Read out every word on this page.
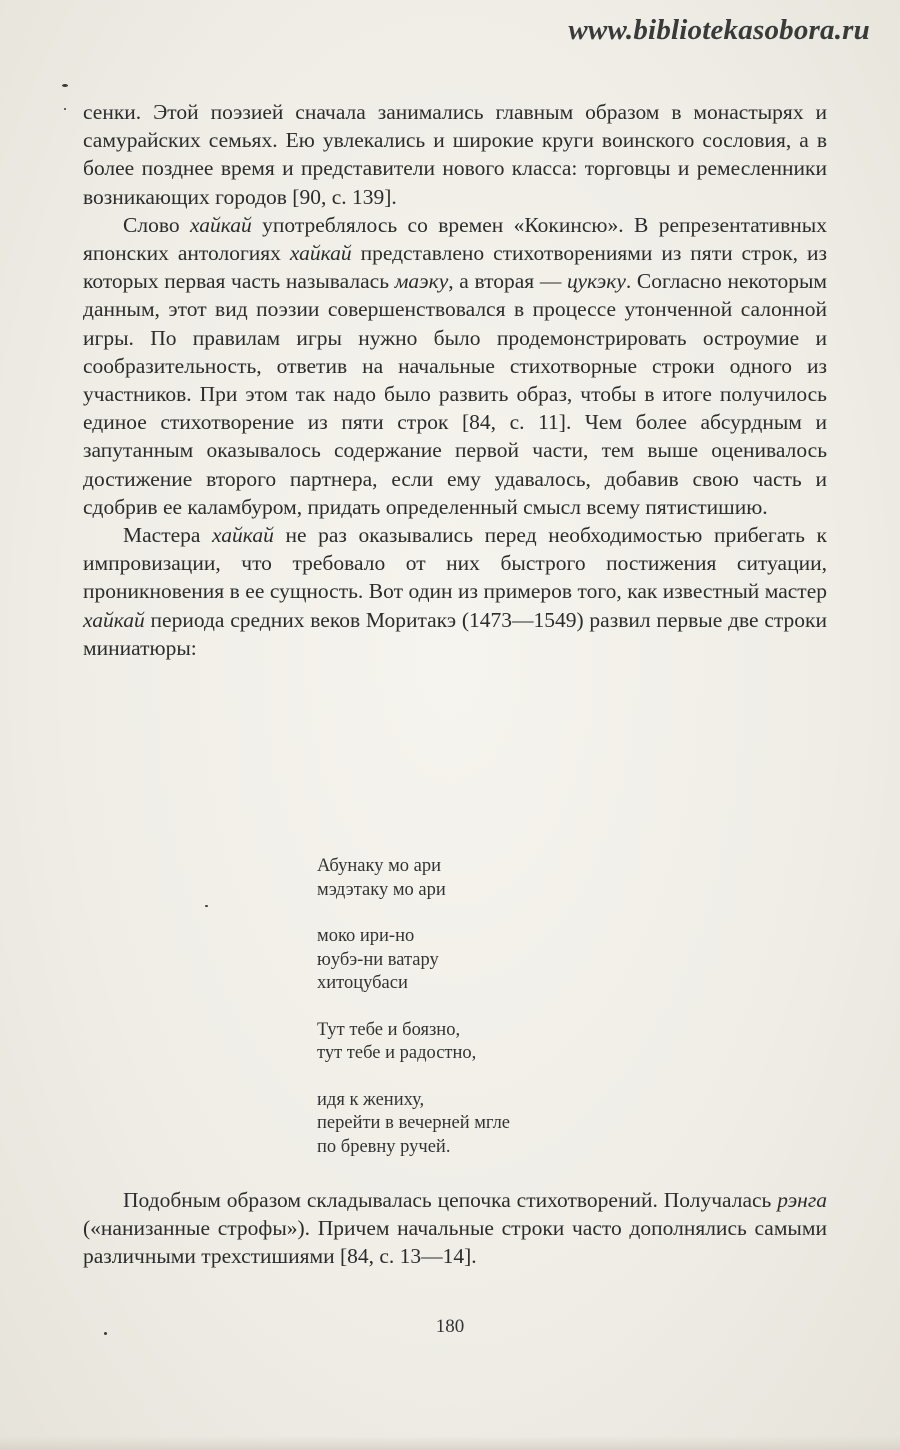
www.bibliotekasobora.ru

сенки. Этой поэзией сначала занимались главным образом в монастырях и самурайских семьях. Ею увлекались и широкие круги воинского сословия, а в более позднее время и представители нового класса: торговцы и ремесленники возникающих городов [90, с. 139].

Слово хайкай употреблялось со времен «Кокинсю». В репрезентативных японских антологиях хайкай представлено стихотворениями из пяти строк, из которых первая часть называлась маэку, а вторая — цукэку. Согласно некоторым данным, этот вид поэзии совершенствовался в процессе утонченной салонной игры. По правилам игры нужно было продемонстрировать остроумие и сообразительность, ответив на начальные стихотворные строки одного из участников. При этом так надо было развить образ, чтобы в итоге получилось единое стихотворение из пяти строк [84, с. 11]. Чем более абсурдным и запутанным оказывалось содержание первой части, тем выше оценивалось достижение второго партнера, если ему удавалось, добавив свою часть и сдобрив ее каламбуром, придать определенный смысл всему пятистишию.

Мастера хайкай не раз оказывались перед необходимостью прибегать к импровизации, что требовало от них быстрого постижения ситуации, проникновения в ее сущность. Вот один из примеров того, как известный мастер хайкай периода средних веков Моритакэ (1473—1549) развил первые две строки миниатюры:

Абунаку мо ари
мэдэтаку мо ари
моко ири-но
юубэ-ни ватару
хитоцубаси
Тут тебе и боязно,
тут тебе и радостно,
идя к жениху,
перейти в вечерней мгле
по бревну ручей.

Подобным образом складывалась цепочка стихотворений. Получалась рэнга («нанизанные строфы»). Причем начальные строки часто дополнялись самыми различными трехстишиями [84, с. 13—14].

180
